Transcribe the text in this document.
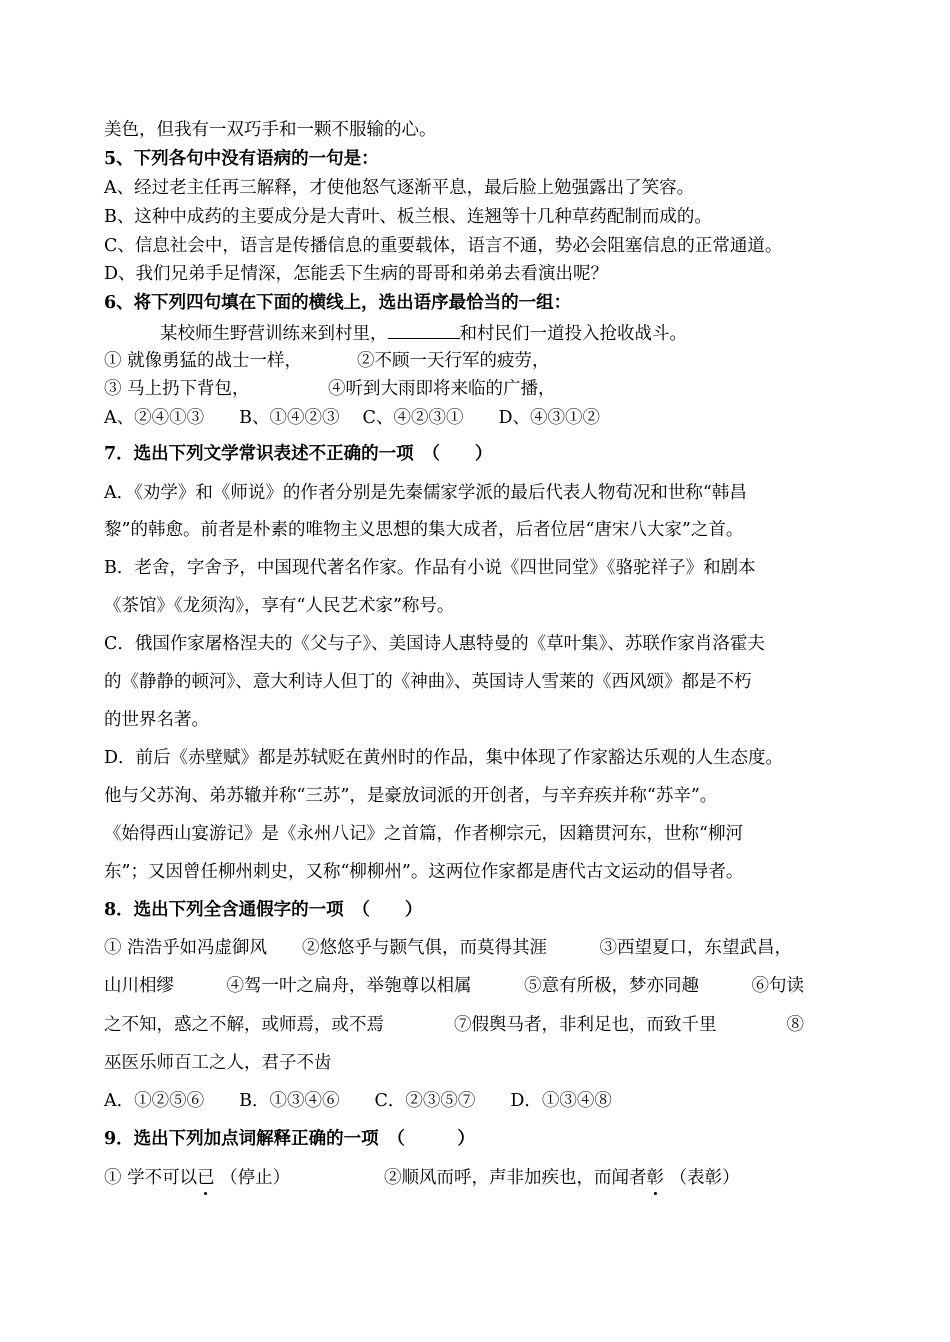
美色，但我有一双巧手和一颗不服输的心。
5、下列各句中没有语病的一句是：
A、经过老主任再三解释，才使他怒气逐渐平息，最后脸上勉强露出了笑容。
B、这种中成药的主要成分是大青叶、板兰根、连翘等十几种草药配制而成的。
C、信息社会中，语言是传播信息的重要载体，语言不通，势必会阻塞信息的正常通道。
D、我们兄弟手足情深，怎能丢下生病的哥哥和弟弟去看演出呢？
6、将下列四句填在下面的横线上，选出语序最恰当的一组：
某校师生野营训练来到村里，	和村民们一道投入抢收战斗。
① 就像勇猛的战士一样，	②不顾一天行军的疲劳，
③ 马上扔下背包，	④听到大雨即将来临的广播，
A、②④①③　　B、①④②③　 C、④②③①　　D、④③①②
7．选出下列文学常识表述不正确的一项　（　　）
A．《劝学》和《师说》的作者分别是先秦儒家学派的最后代表人物荀况和世称“韩昌
黎”的韩愈。前者是朴素的唯物主义思想的集大成者，后者位居“唐宋八大家”之首。
B．老舍，字舍予，中国现代著名作家。作品有小说《四世同堂》《骆驼祥子》和剧本
《茶馆》《龙须沟》，享有“人民艺术家”称号。
C．俄国作家屠格涅夫的《父与子》、美国诗人惠特曼的《草叶集》、苏联作家肖洛霍夫
的《静静的顿河》、意大利诗人但丁的《神曲》、英国诗人雪莱的《西风颂》都是不朽
的世界名著。
D．前后《赤壁赋》都是苏轼贬在黄州时的作品，集中体现了作家豁达乐观的人生态度。
他与父苏洵、弟苏辙并称“三苏”，是豪放词派的开创者，与辛弃疾并称“苏辛”。
《始得西山宴游记》是《永州八记》之首篇，作者柳宗元，因籍贯河东，世称“柳河
东”；又因曾任柳州刺史，又称“柳柳州”。这两位作家都是唐代古文运动的倡导者。
8．选出下列全含通假字的一项　（　　）
① 浩浩乎如冯虚御风　　②悠悠乎与颢气俱，而莫得其涯　　　③西望夏口，东望武昌，
山川相缪　　　④驾一叶之扁舟，举匏尊以相属　　　⑤意有所极，梦亦同趣　　　⑥句读
之不知，惑之不解，或师焉，或不焉　　　　⑦假舆马者，非利足也，而致千里　　　　⑧
巫医乐师百工之人，君子不齿
A．①②⑤⑥　　B．①③④⑥　　C．②③⑤⑦　　D．①③④⑧
9．选出下列加点词解释正确的一项　（　　　）
① 学不可以已 （停止）	②顺风而呼，声非加疾也，而闻者彰 （表彰）
